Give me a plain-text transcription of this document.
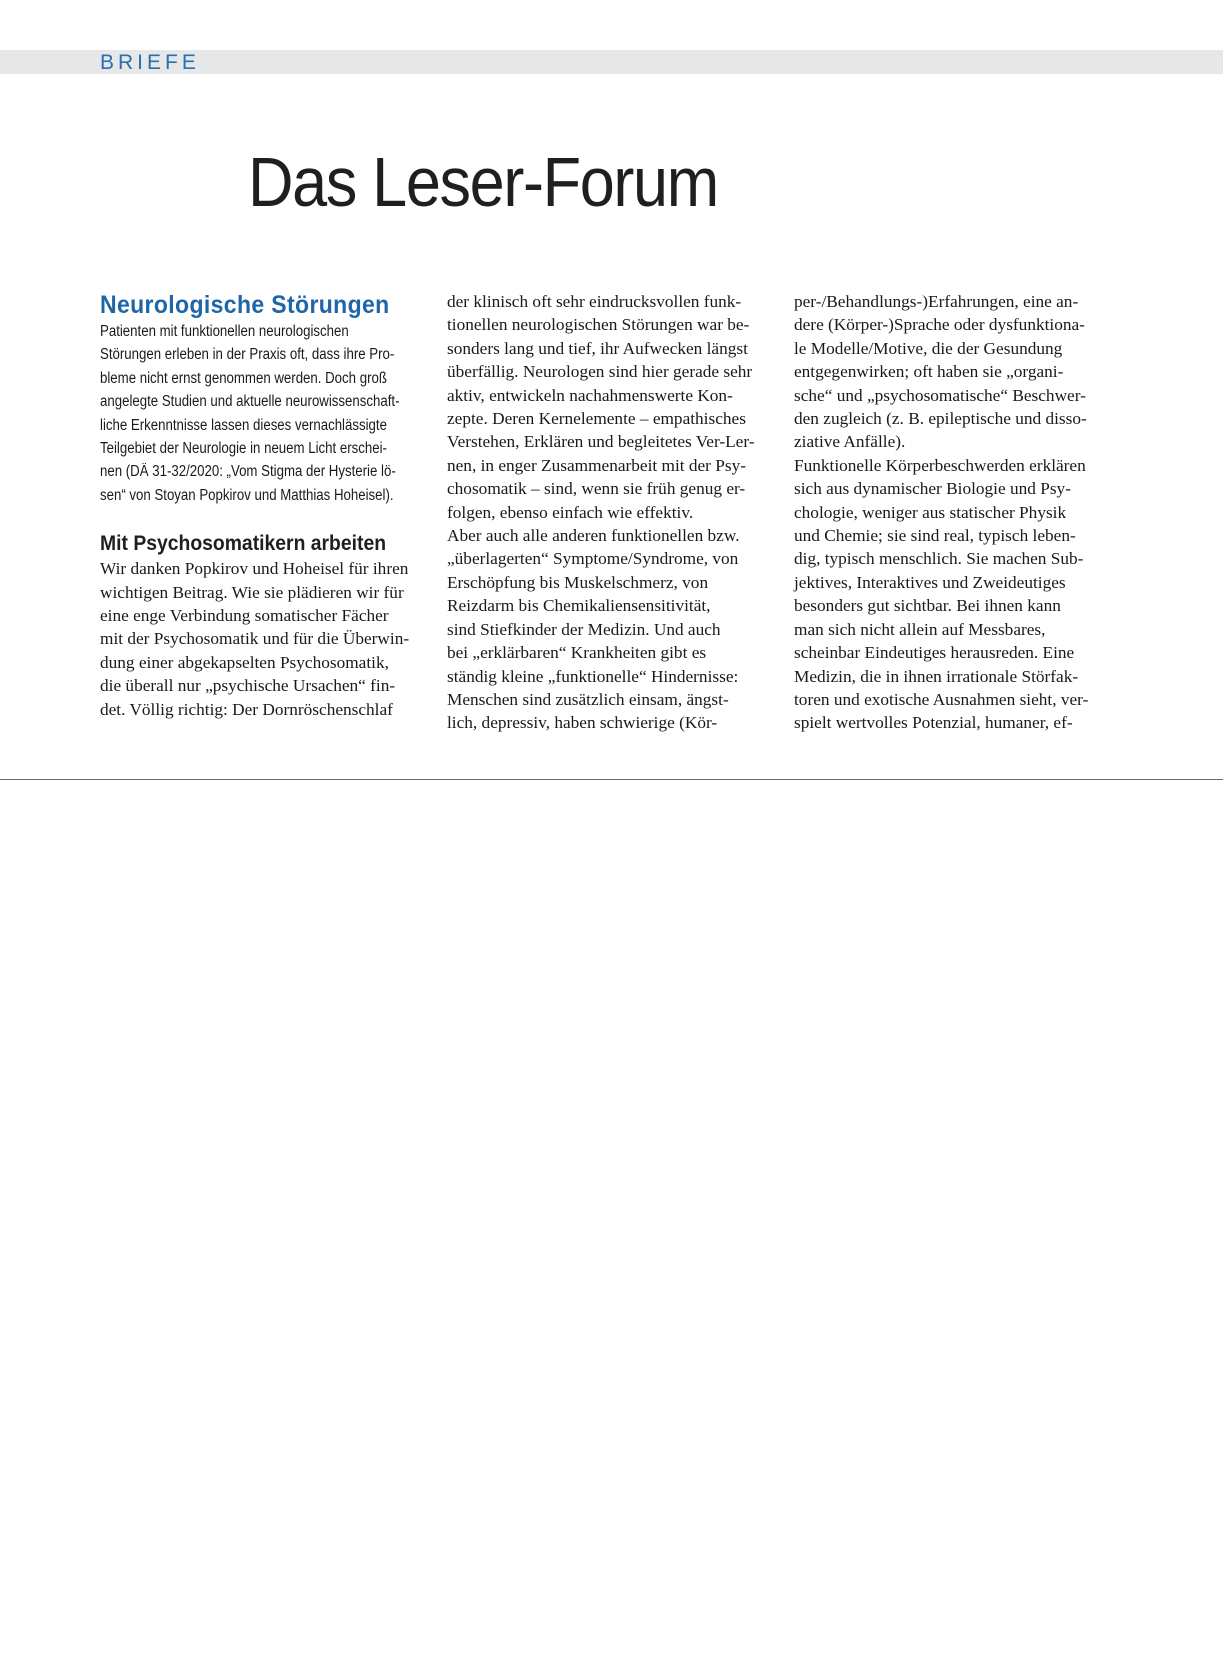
BRIEFE
Das Leser-Forum
Neurologische Störungen
Patienten mit funktionellen neurologischen
Störungen erleben in der Praxis oft, dass ihre Pro-
bleme nicht ernst genommen werden. Doch groß
angelegte Studien und aktuelle neurowissenschaft-
liche Erkenntnisse lassen dieses vernachlässigte
Teilgebiet der Neurologie in neuem Licht erschei-
nen (DÄ 31-32/2020: „Vom Stigma der Hysterie lö-
sen“ von Stoyan Popkirov und Matthias Hoheisel).
Mit Psychosomatikern arbeiten
Wir danken Popkirov und Hoheisel für ihren
wichtigen Beitrag. Wie sie plädieren wir für
eine enge Verbindung somatischer Fächer
mit der Psychosomatik und für die Überwin-
dung einer abgekapselten Psychosomatik,
die überall nur „psychische Ursachen“ fin-
det. Völlig richtig: Der Dornröschenschlaf
der klinisch oft sehr eindrucksvollen funk-
tionellen neurologischen Störungen war be-
sonders lang und tief, ihr Aufwecken längst
überfällig. Neurologen sind hier gerade sehr
aktiv, entwickeln nachahmenswerte Kon-
zepte. Deren Kernelemente – empathisches
Verstehen, Erklären und begleitetes Ver-Ler-
nen, in enger Zusammenarbeit mit der Psy-
chosomatik – sind, wenn sie früh genug er-
folgen, ebenso einfach wie effektiv.
Aber auch alle anderen funktionellen bzw.
„überlagerten“ Symptome/Syndrome, von
Erschöpfung bis Muskelschmerz, von
Reizdarm bis Chemikaliensensitivität,
sind Stiefkinder der Medizin. Und auch
bei „erklärbaren“ Krankheiten gibt es
ständig kleine „funktionelle“ Hindernisse:
Menschen sind zusätzlich einsam, ängst-
lich, depressiv, haben schwierige (Kör-
per-/Behandlungs-)Erfahrungen, eine an-
dere (Körper-)Sprache oder dysfunktiona-
le Modelle/Motive, die der Gesundung
entgegenwirken; oft haben sie „organi-
sche“ und „psychosomatische“ Beschwer-
den zugleich (z. B. epileptische und disso-
ziative Anfälle).
Funktionelle Körperbeschwerden erklären
sich aus dynamischer Biologie und Psy-
chologie, weniger aus statischer Physik
und Chemie; sie sind real, typisch leben-
dig, typisch menschlich. Sie machen Sub-
jektives, Interaktives und Zweideutiges
besonders gut sichtbar. Bei ihnen kann
man sich nicht allein auf Messbares,
scheinbar Eindeutiges herausreden. Eine
Medizin, die in ihnen irrationale Störfak-
toren und exotische Ausnahmen sieht, ver-
spielt wertvolles Potenzial, humaner, ef-
